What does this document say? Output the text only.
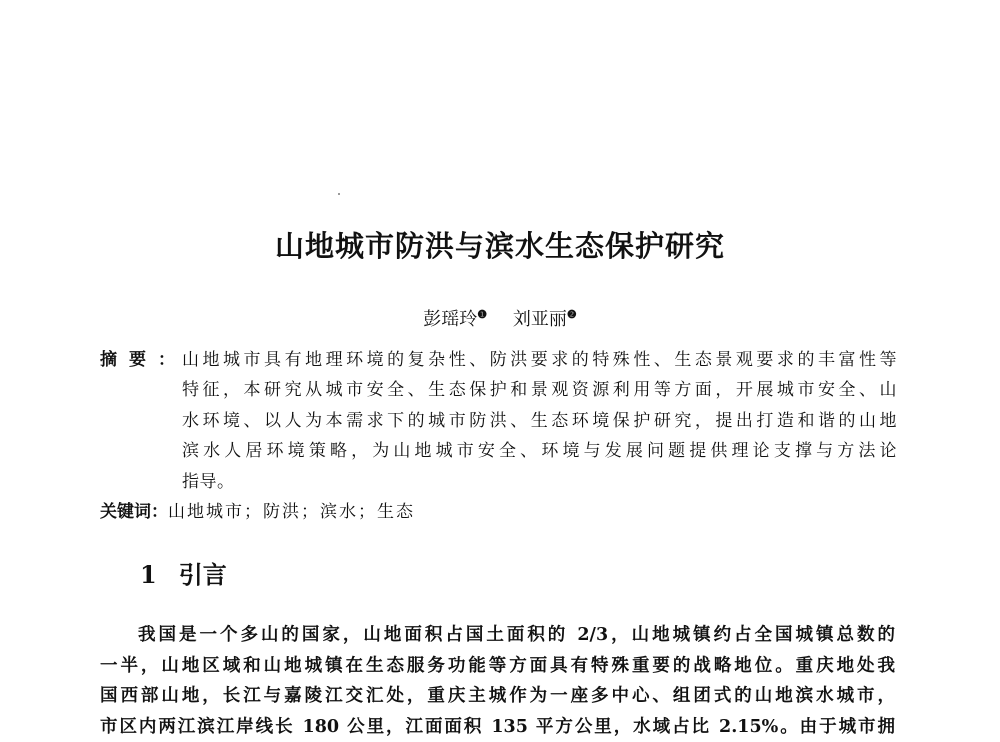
山地城市防洪与滨水生态保护研究
彭瑶玲$^❶$ 刘亚丽$^❷$
摘要： 山地城市具有地理环境的复杂性、防洪要求的特殊性、生态景观要求的丰富性等
特征，本研究从城市安全、生态保护和景观资源利用等方面，开展城市安全、山
水环境、以人为本需求下的城市防洪、生态环境保护研究，提出打造和谐的山地
滨水人居环境策略，为山地城市安全、环境与发展问题提供理论支撑与方法论
指导。
关键词：山地城市；防洪；滨水；生态
1 引言
我国是一个多山的国家，山地面积占国土面积的 2/3，山地城镇约占全国城镇总数的
一半，山地区域和山地城镇在生态服务功能等方面具有特殊重要的战略地位。重庆地处我
国西部山地，长江与嘉陵江交汇处，重庆主城作为一座多中心、组团式的山地滨水城市，
市区内两江滨江岸线长 180 公里，江面面积 135 平方公里，水域占比 2.15%。由于城市拥
